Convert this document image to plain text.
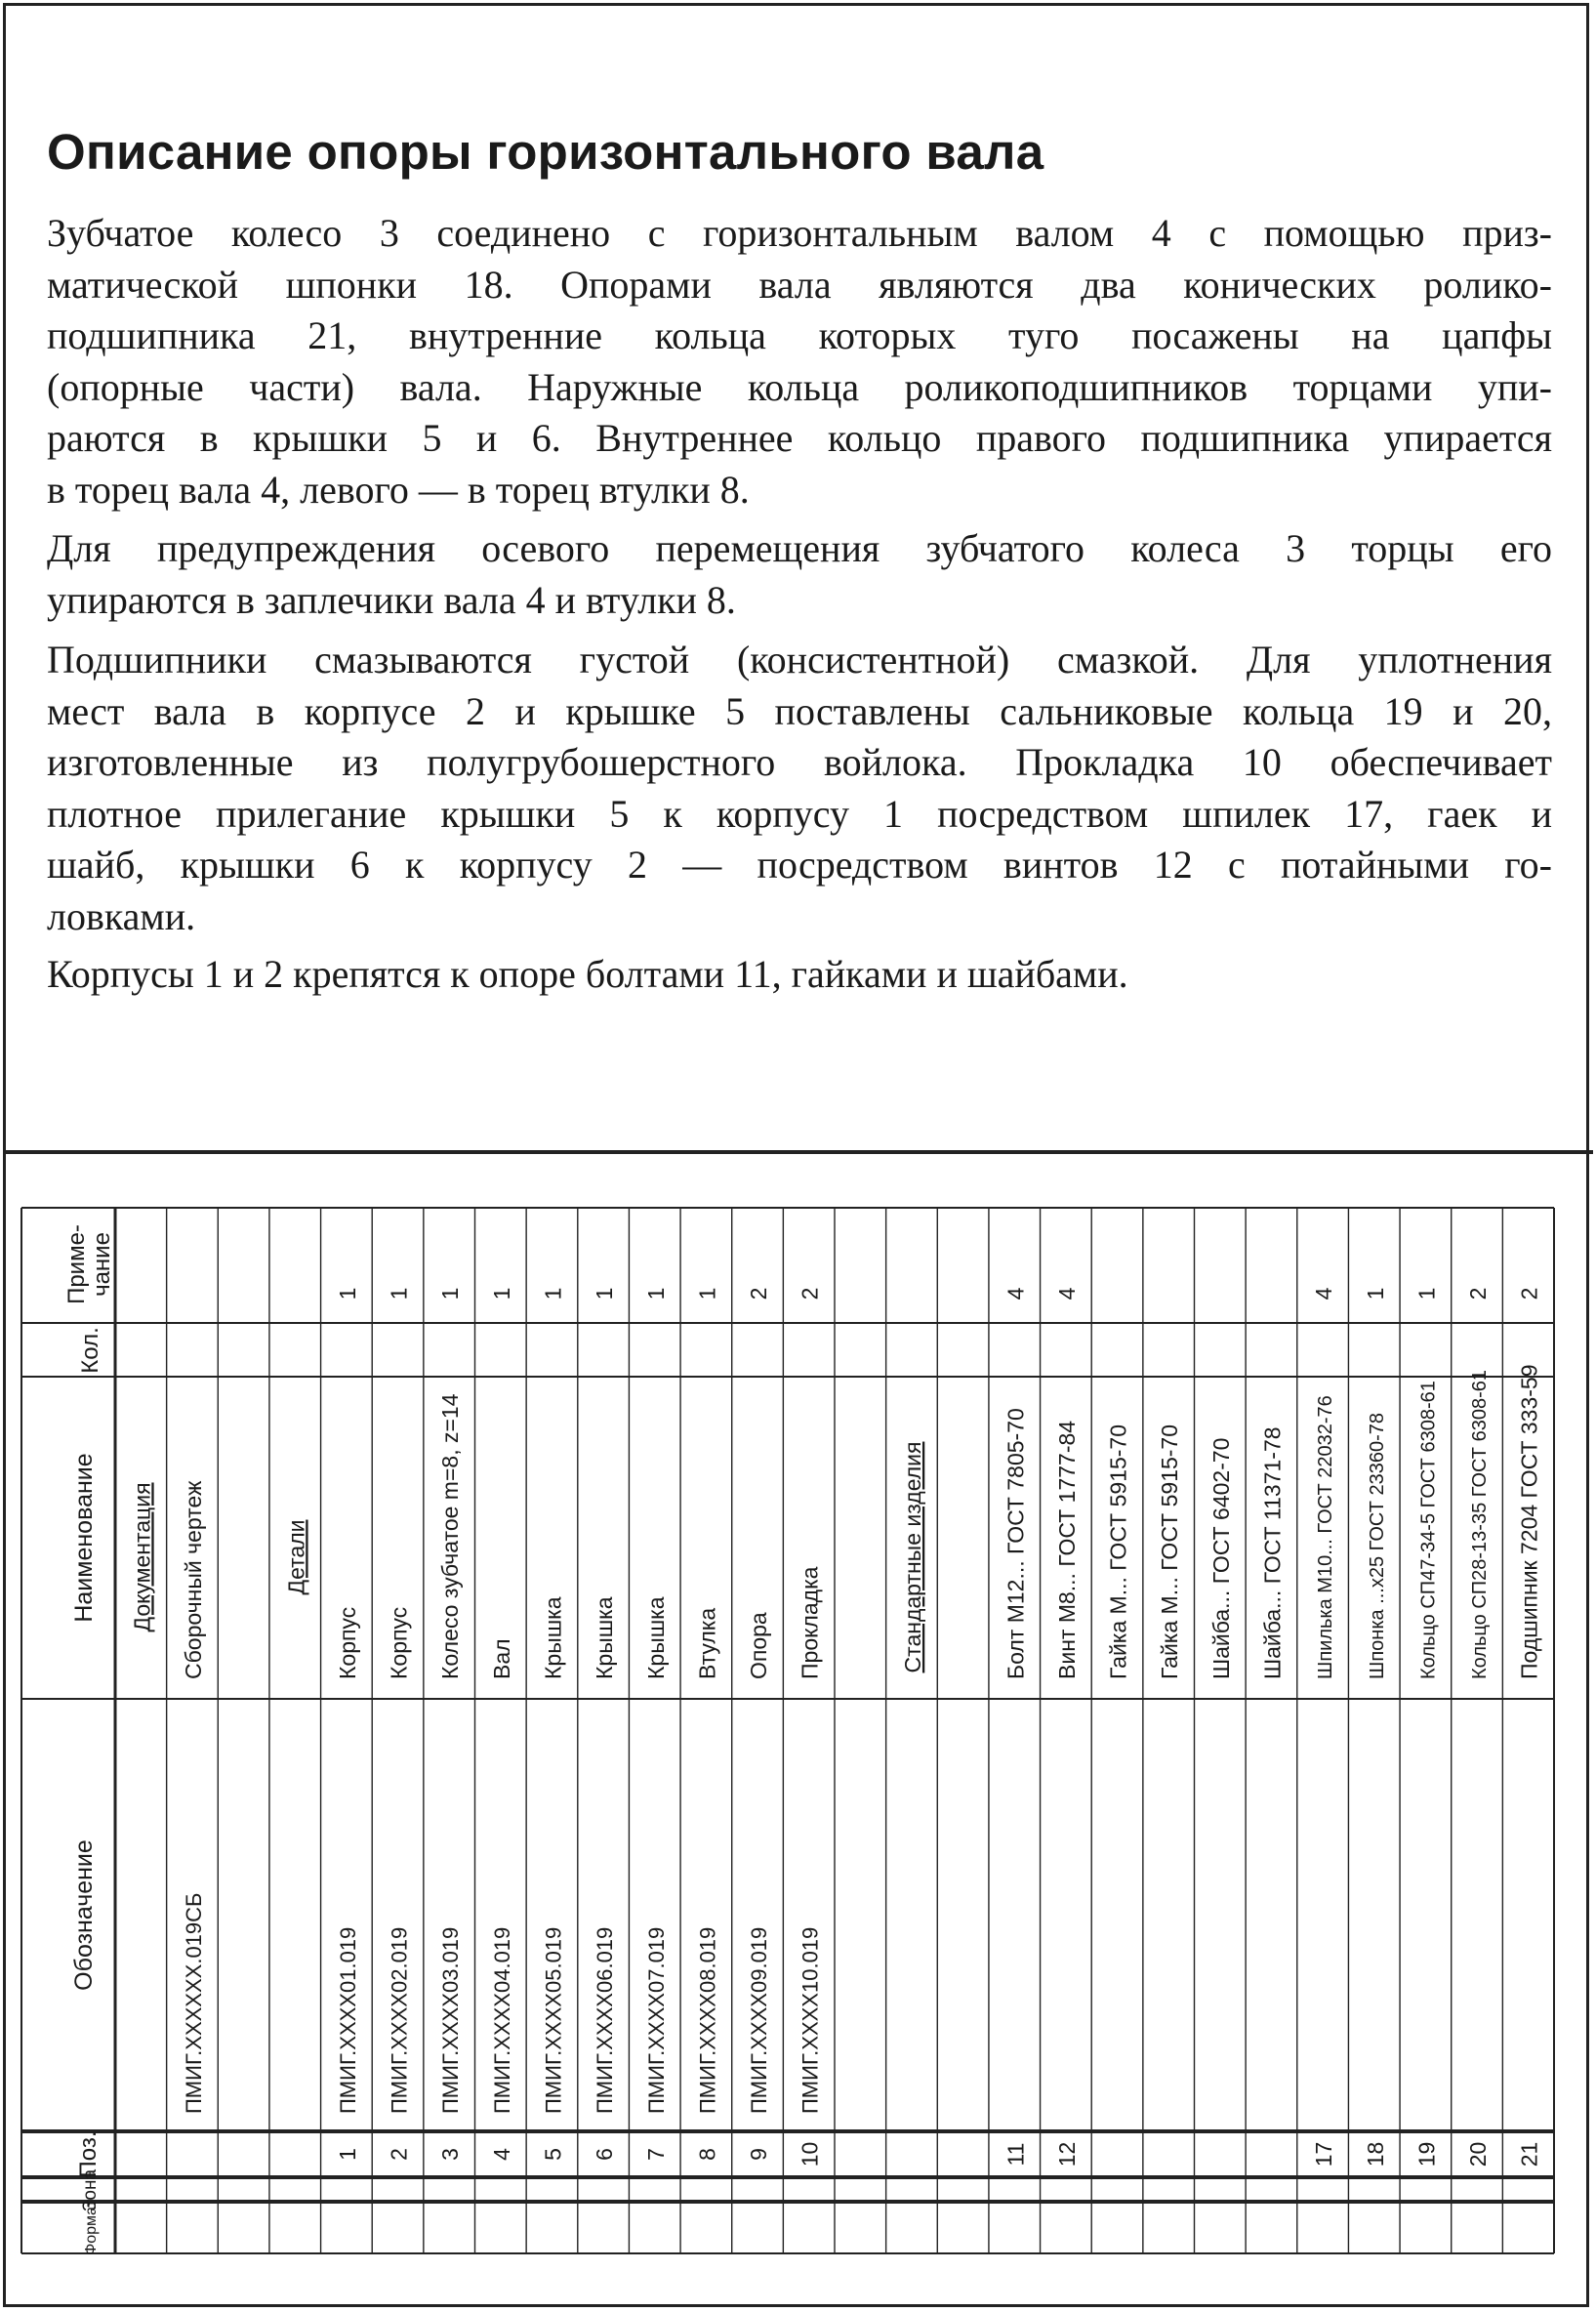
Описание опоры горизонтального вала
Зубчатое колесо 3 соединено с горизонтальным валом 4 с помощью приз-
матической шпонки 18. Опорами вала являются два конических ролико-
подшипника 21, внутренние кольца которых туго посажены на цапфы
(опорные части) вала. Наружные кольца роликоподшипников торцами упи-
раются в крышки 5 и 6. Внутреннее кольцо правого подшипника упирается
в торец вала 4, левого — в торец втулки 8.
Для предупреждения осевого перемещения зубчатого колеса 3 торцы его
упираются в заплечики вала 4 и втулки 8.
Подшипники смазываются густой (консистентной) смазкой. Для уплотнения
мест вала в корпусе 2 и крышке 5 поставлены сальниковые кольца 19 и 20,
изготовленные из полугрубошерстного войлока. Прокладка 10 обеспечивает
плотное прилегание крышки 5 к корпусу 1 посредством шпилек 17, гаек и
шайб, крышки 6 к корпусу 2 — посредством винтов 12 с потайными го-
ловками.
Корпусы 1 и 2 крепятся к опоре болтами 11, гайками и шайбами.
Приме- чание
Кол.
Наименование
Обозначение
Поз.
Зона
Формат
Документация Сборочный чертеж
ПМИГ.XXXXXX.019СБ
Детали
Корпус
ПМИГ.XXXX01.019
1
1
Корпус
ПМИГ.XXXX02.019
1
2
Колесо зубчатое m=8, z=14
ПМИГ.XXXX03.019
1
3
Вал
ПМИГ.XXXX04.019
1
4
Крышка
ПМИГ.XXXX05.019
1
5
Крышка
ПМИГ.XXXX06.019
1
6
Крышка
ПМИГ.XXXX07.019
1
7
Втулка
ПМИГ.XXXX08.019
1
8
Опора
ПМИГ.XXXX09.019
2
9
Прокладка
ПМИГ.XXXX10.019
2
10
Стандартные изделия	Болт М12... ГОСТ 7805-70
4
11
Винт М8... ГОСТ 1777-84
4
12
Гайка М... ГОСТ 5915-70 Гайка М... ГОСТ 5915-70 Шайба... ГОСТ 6402-70 Шайба... ГОСТ 11371-78 Шпилька М10... ГОСТ 22032-76
4
17
Шпонка ...х25 ГОСТ 23360-78
1
18
Кольцо СП47-34-5 ГОСТ 6308-61
1
19
Кольцо СП28-13-35 ГОСТ 6308-61
2
20
Подшипник 7204 ГОСТ 333-59
2
21
